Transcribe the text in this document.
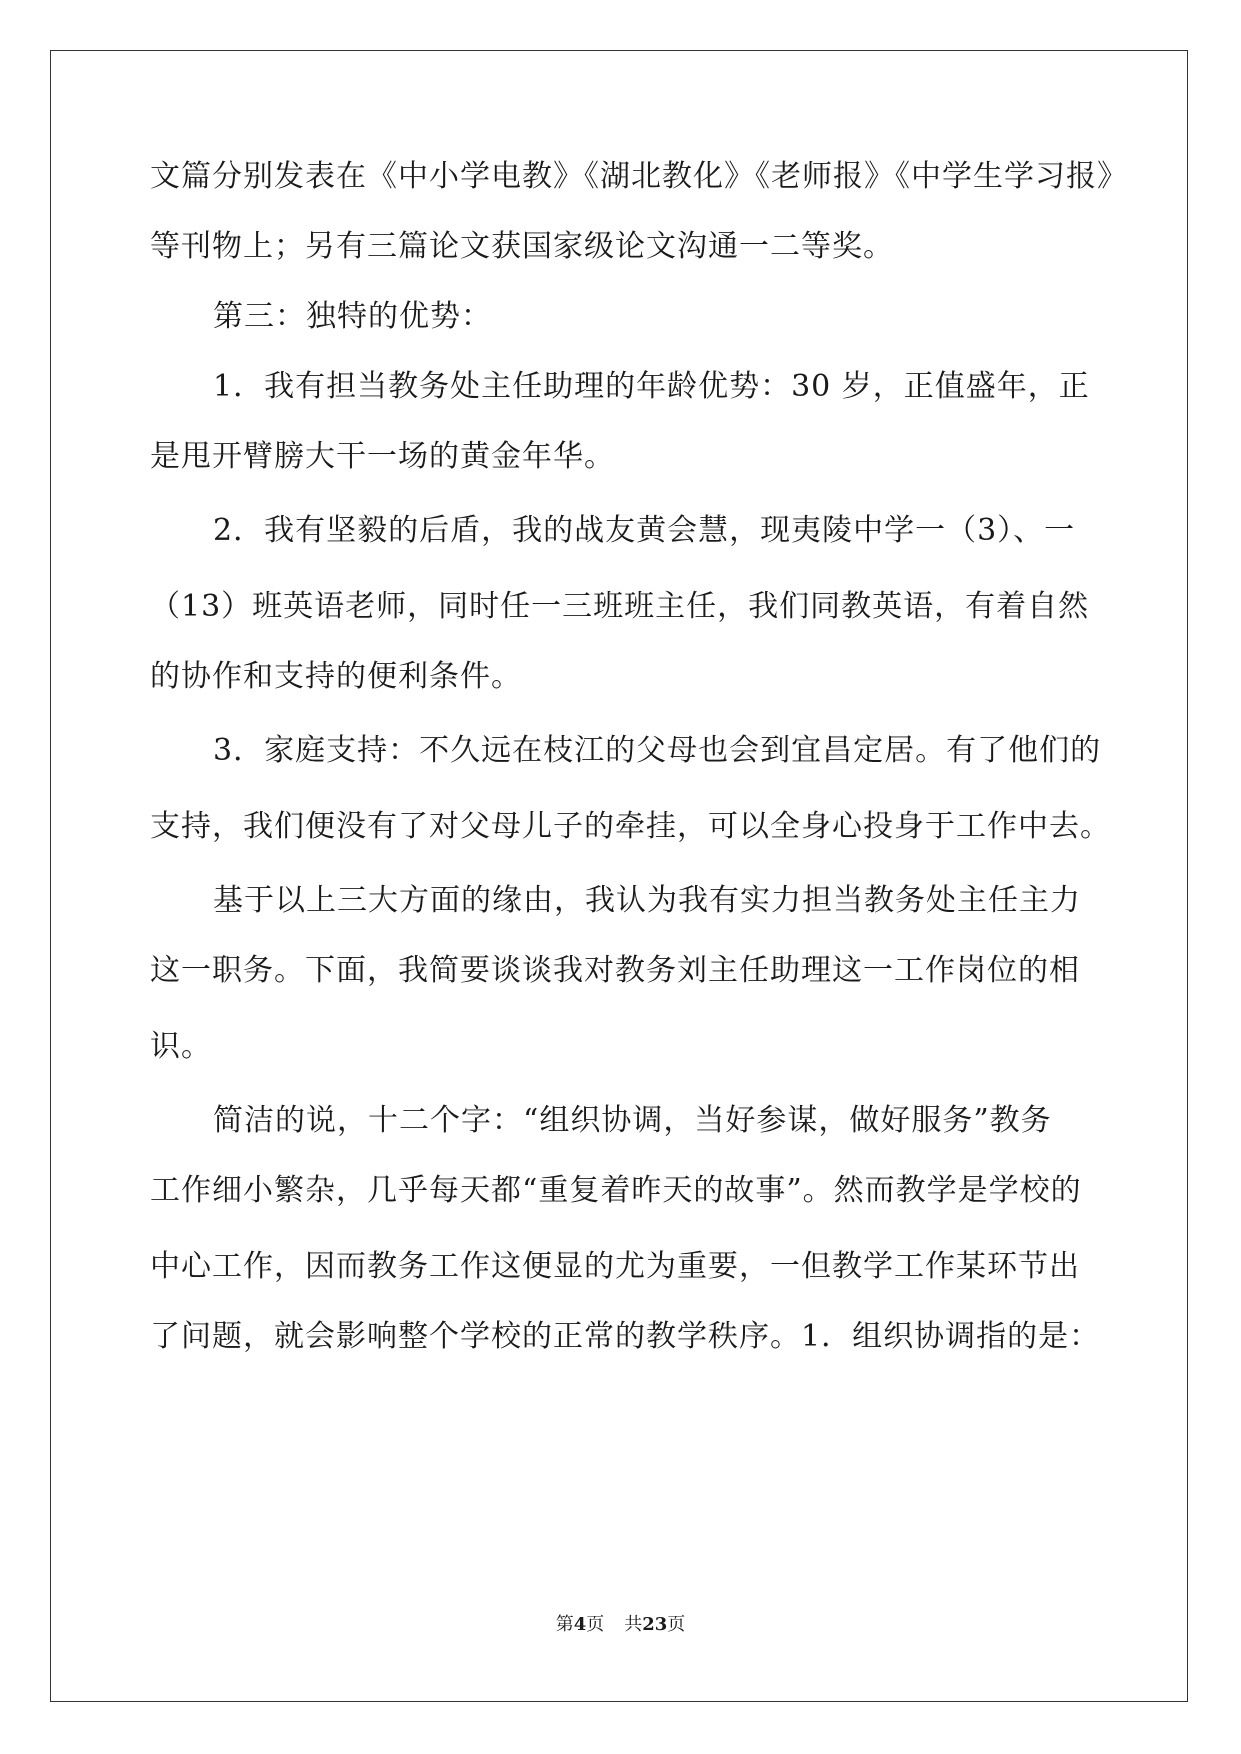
文篇分别发表在《中小学电教》《湖北教化》《老师报》《中学生学习报》
等刊物上；另有三篇论文获国家级论文沟通一二等奖。
第三：独特的优势：
1．我有担当教务处主任助理的年龄优势：30 岁，正值盛年，正
是甩开臂膀大干一场的黄金年华。
2．我有坚毅的后盾，我的战友黄会慧，现夷陵中学一（3）、一
（13）班英语老师，同时任一三班班主任，我们同教英语，有着自然
的协作和支持的便利条件。
3．家庭支持：不久远在枝江的父母也会到宜昌定居。有了他们的
支持，我们便没有了对父母儿子的牵挂，可以全身心投身于工作中去。
基于以上三大方面的缘由，我认为我有实力担当教务处主任主力
这一职务。下面，我简要谈谈我对教务刘主任助理这一工作岗位的相
识。
简洁的说，十二个字：“组织协调，当好参谋，做好服务”教务
工作细小繁杂，几乎每天都“重复着昨天的故事”。然而教学是学校的
中心工作，因而教务工作这便显的尤为重要，一但教学工作某环节出
了问题，就会影响整个学校的正常的教学秩序。1．组织协调指的是：
第4页 共23页
